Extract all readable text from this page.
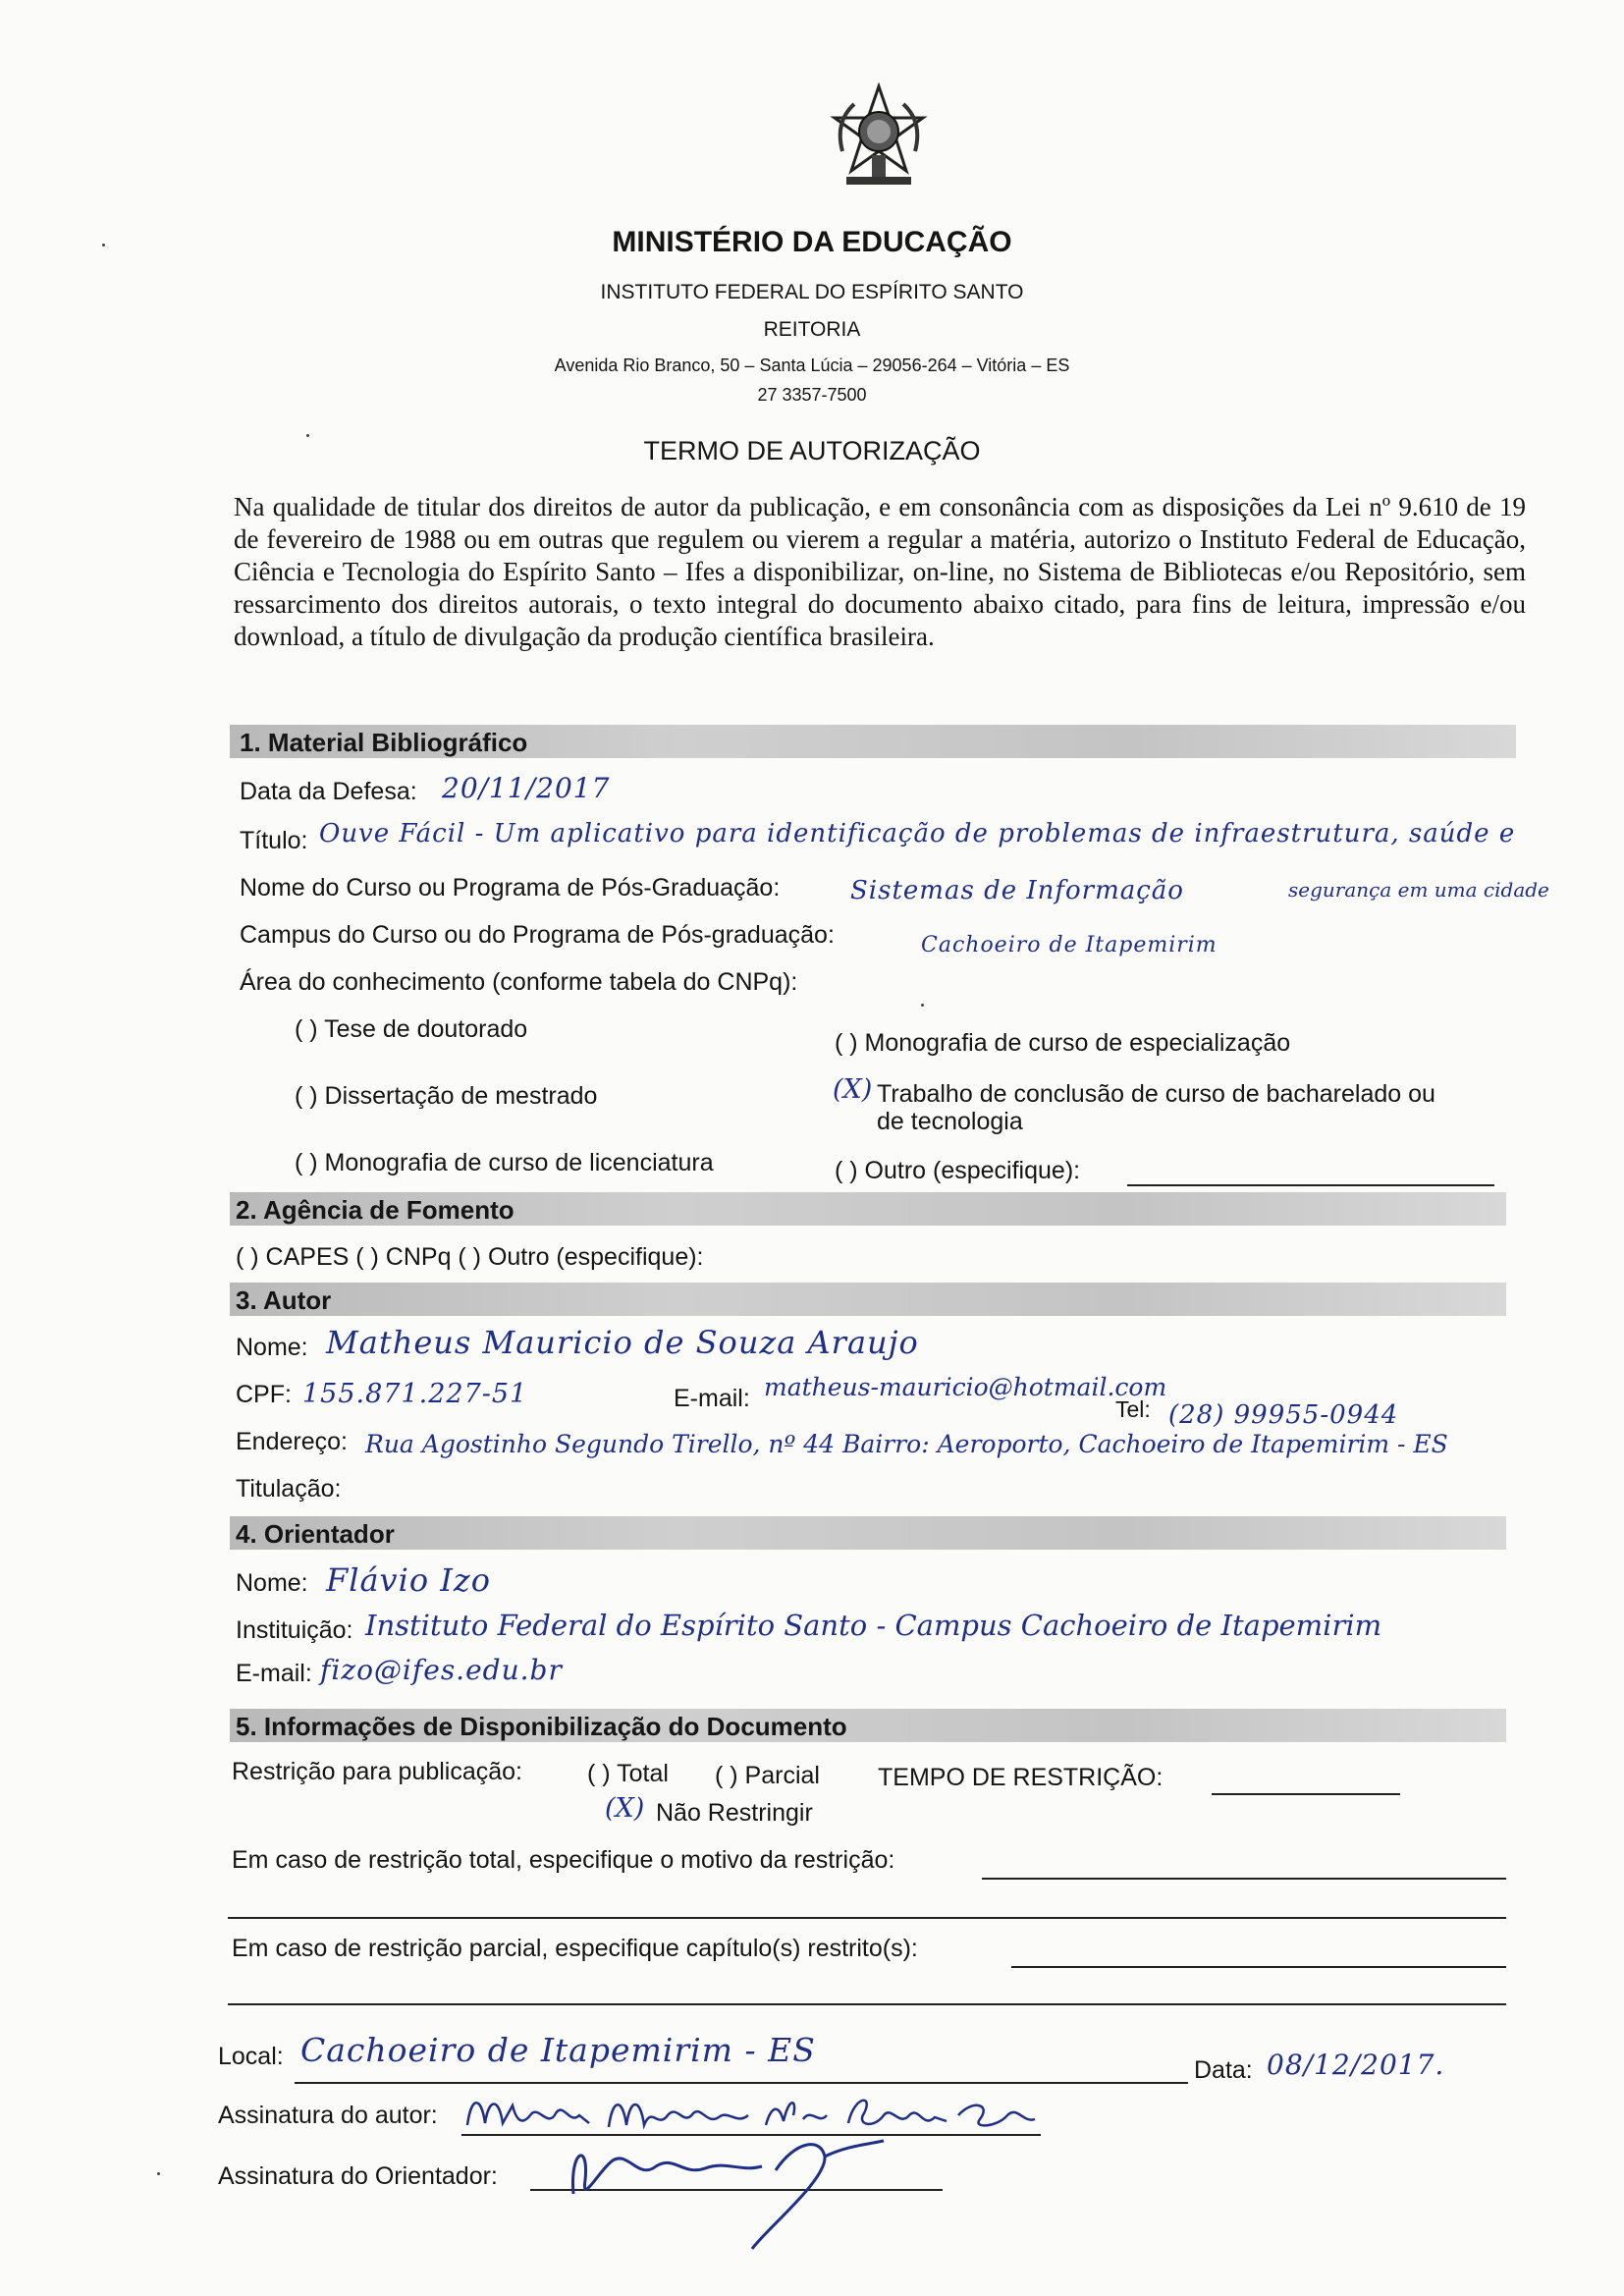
MINISTÉRIO DA EDUCAÇÃO
INSTITUTO FEDERAL DO ESPÍRITO SANTO
REITORIA
Avenida Rio Branco, 50 – Santa Lúcia – 29056-264 – Vitória – ES
27 3357-7500
TERMO DE AUTORIZAÇÃO
Na qualidade de titular dos direitos de autor da publicação, e em consonância com as disposições da Lei nº 9.610 de 19 de fevereiro de 1988 ou em outras que regulem ou vierem a regular a matéria, autorizo o Instituto Federal de Educação, Ciência e Tecnologia do Espírito Santo – Ifes a disponibilizar, on-line, no Sistema de Bibliotecas e/ou Repositório, sem ressarcimento dos direitos autorais, o texto integral do documento abaixo citado, para fins de leitura, impressão e/ou download, a título de divulgação da produção científica brasileira.
1. Material Bibliográfico
Data da Defesa: 20/11/2017
Título: Ouve Fácil - Um aplicativo para identificação de problemas de infraestrutura, saúde e
Nome do Curso ou Programa de Pós-Graduação:	Sistemas de Informação	segurança em uma cidade
Campus do Curso ou do Programa de Pós-graduação:	Cachoeiro de Itapemirim
Área do conhecimento (conforme tabela do CNPq):
( ) Tese de doutorado	( ) Monografia de curso de especialização
( ) Dissertação de mestrado	(X) Trabalho de conclusão de curso de bacharelado ou
de tecnologia
( ) Monografia de curso de licenciatura	( ) Outro (especifique):
2. Agência de Fomento
( ) CAPES ( ) CNPq ( ) Outro (especifique):
3. Autor
Nome: Matheus Mauricio de Souza Araujo
CPF: 155.871.227-51	E-mail: matheus-mauricio@hotmail.com
Tel: (28) 99955-0944
Endereço: Rua Agostinho Segundo Tirello, nº 44 Bairro: Aeroporto, Cachoeiro de Itapemirim - ES
Titulação:
4. Orientador
Nome: Flávio Izo
Instituição: Instituto Federal do Espírito Santo - Campus Cachoeiro de Itapemirim
E-mail: fizo@ifes.edu.br
5. Informações de Disponibilização do Documento
Restrição para publicação:	( ) Total ( ) Parcial TEMPO DE RESTRIÇÃO:
(X) Não Restringir
Em caso de restrição total, especifique o motivo da restrição:
Em caso de restrição parcial, especifique capítulo(s) restrito(s):
Local: Cachoeiro de Itapemirim - ES
Data: 08/12/2017.
Assinatura do autor:
Assinatura do Orientador:
